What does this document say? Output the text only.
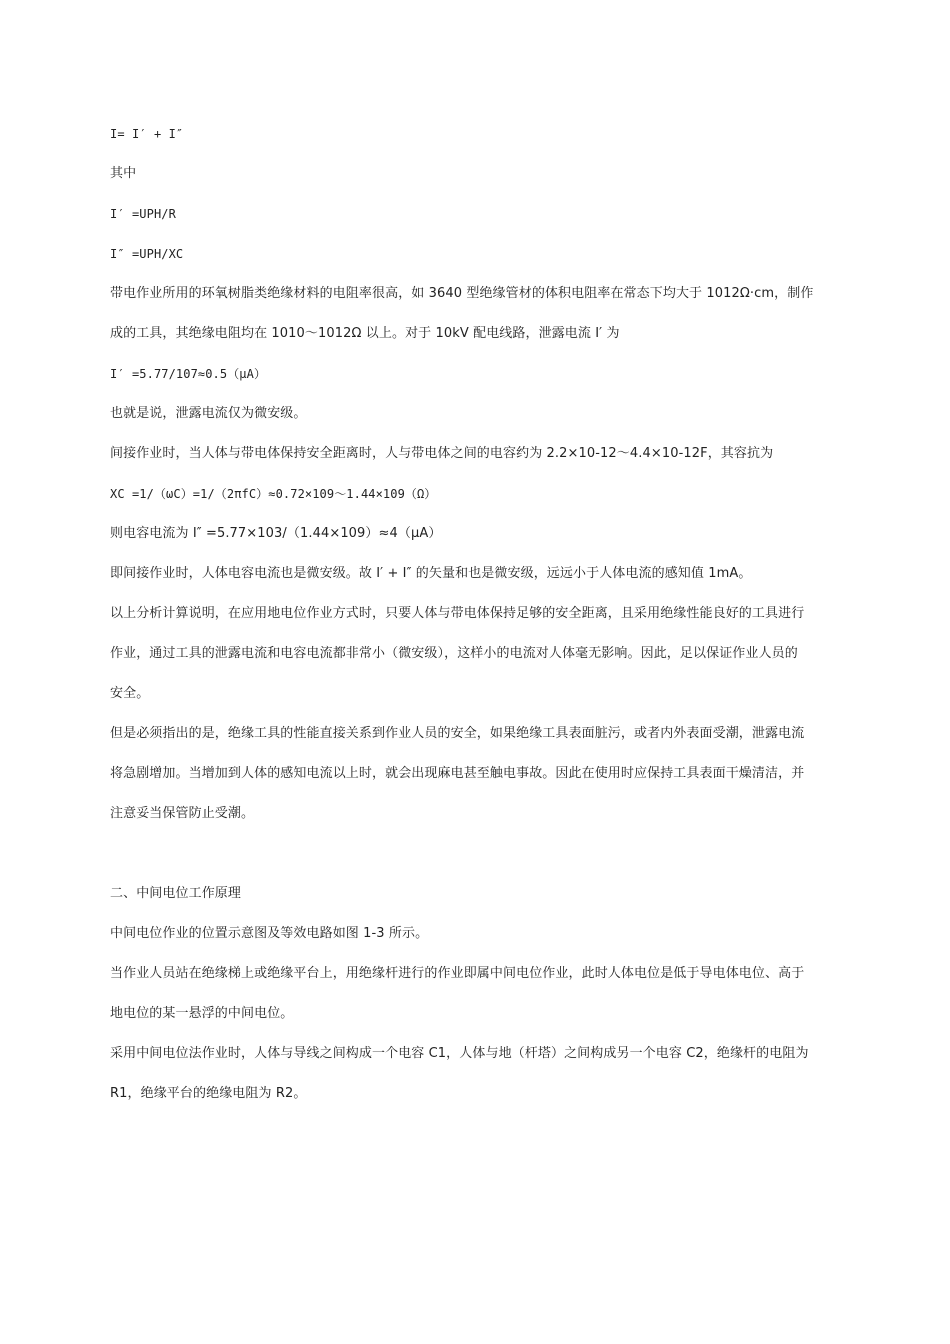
I= I′ + I″
其中
I′ =UPH/R
I″ =UPH/XC
带电作业所用的环氧树脂类绝缘材料的电阻率很高，如 3640 型绝缘管材的体积电阻率在常态下均大于 1012Ω·cm，制作
成的工具，其绝缘电阻均在 1010～1012Ω 以上。对于 10kV 配电线路，泄露电流 I′ 为
I′ =5.77/107≈0.5（μA）
也就是说，泄露电流仅为微安级。
间接作业时，当人体与带电体保持安全距离时，人与带电体之间的电容约为 2.2×10-12～4.4×10-12F，其容抗为
XC =1/（ωC）=1/（2πfC）≈0.72×109～1.44×109（Ω）
则电容电流为 I″ =5.77×103/（1.44×109）≈4（μA）
即间接作业时，人体电容电流也是微安级。故 I′ + I″ 的矢量和也是微安级，远远小于人体电流的感知值 1mA。
以上分析计算说明，在应用地电位作业方式时，只要人体与带电体保持足够的安全距离，且采用绝缘性能良好的工具进行
作业，通过工具的泄露电流和电容电流都非常小（微安级），这样小的电流对人体毫无影响。因此，足以保证作业人员的
安全。
但是必须指出的是，绝缘工具的性能直接关系到作业人员的安全，如果绝缘工具表面脏污，或者内外表面受潮，泄露电流
将急剧增加。当增加到人体的感知电流以上时，就会出现麻电甚至触电事故。因此在使用时应保持工具表面干燥清洁，并
注意妥当保管防止受潮。
二、中间电位工作原理
中间电位作业的位置示意图及等效电路如图 1-3 所示。
当作业人员站在绝缘梯上或绝缘平台上，用绝缘杆进行的作业即属中间电位作业，此时人体电位是低于导电体电位、高于
地电位的某一悬浮的中间电位。
采用中间电位法作业时，人体与导线之间构成一个电容 C1，人体与地（杆塔）之间构成另一个电容 C2，绝缘杆的电阻为
R1，绝缘平台的绝缘电阻为 R2。
